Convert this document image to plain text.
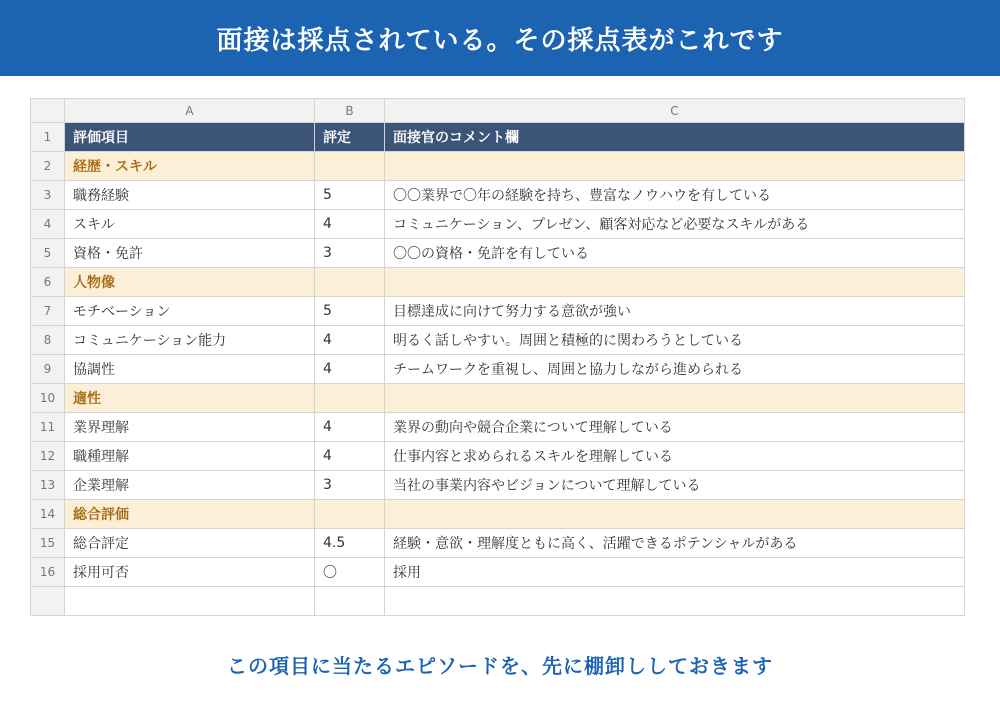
面接は採点されている。その採点表がこれです
	A	B	C
1	評価項目	評定	面接官のコメント欄
2	経歴・スキル		
3	職務経験	5	〇〇業界で〇年の経験を持ち、豊富なノウハウを有している
4	スキル	4	コミュニケーション、プレゼン、顧客対応など必要なスキルがある
5	資格・免許	3	〇〇の資格・免許を有している
6	人物像		
7	モチベーション	5	目標達成に向けて努力する意欲が強い
8	コミュニケーション能力	4	明るく話しやすい。周囲と積極的に関わろうとしている
9	協調性	4	チームワークを重視し、周囲と協力しながら進められる
10	適性		
11	業界理解	4	業界の動向や競合企業について理解している
12	職種理解	4	仕事内容と求められるスキルを理解している
13	企業理解	3	当社の事業内容やビジョンについて理解している
14	総合評価		
15	総合評定	4.5	経験・意欲・理解度ともに高く、活躍できるポテンシャルがある
16	採用可否	〇	採用

この項目に当たるエピソードを、先に棚卸ししておきます
